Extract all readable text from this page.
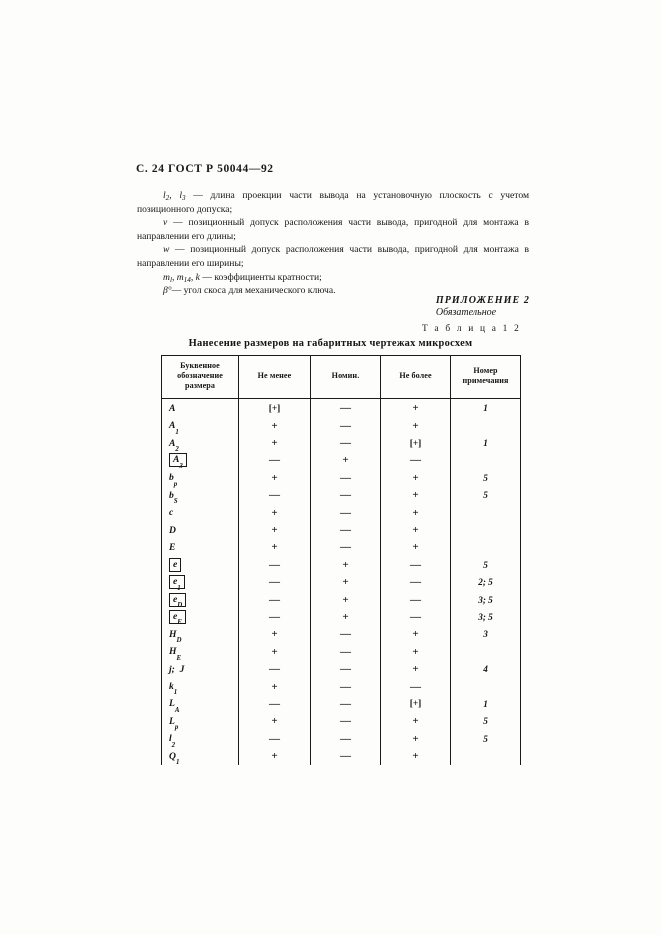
С. 24 ГОСТ Р 50044—92

$l_2$, $l_3$ — длина проекции части вывода на установочную плоскость с учетом позиционного допуска;

v — позиционный допуск расположения части вывода, пригодной для монтажа в направлении его длины;

w — позиционный допуск расположения части вывода, пригодной для монтажа в направлении его ширины;

$m_l$, $m_{14}$, k — коэффициенты кратности;

β°— угол скоса для механического ключа.

ПРИЛОЖЕНИЕ 2
Обязательное
Т а б л и ц а 1 2
Нанесение размеров на габаритных чертежах микросхем
Буквенное обозначение размера	Не менее	Номин.	Не более	Номер примечания
A	[+]	—	+	1
$A_1$	+	—	+	
$A_2$	+	—	[+]	1
$A_3$	—	+	—	
$b_p$	+	—	+	5
$b_S$	—	—	+	5
c	+	—	+	
D	+	—	+	
E	+	—	+	
e	—	+	—	5
$e_1$	—	+	—	2; 5
$e_D$	—	+	—	3; 5
$e_E$	—	+	—	3; 5
$H_D$	+	—	+	3
$H_E$	+	—	+	
j;  J	—	—	+	4
$k_1$	+	—	—	
$L_A$	—	—	[+]	1
$L_p$	+	—	+	5
$l_2$	—	—	+	5
$Q_1$	+	—	+	
